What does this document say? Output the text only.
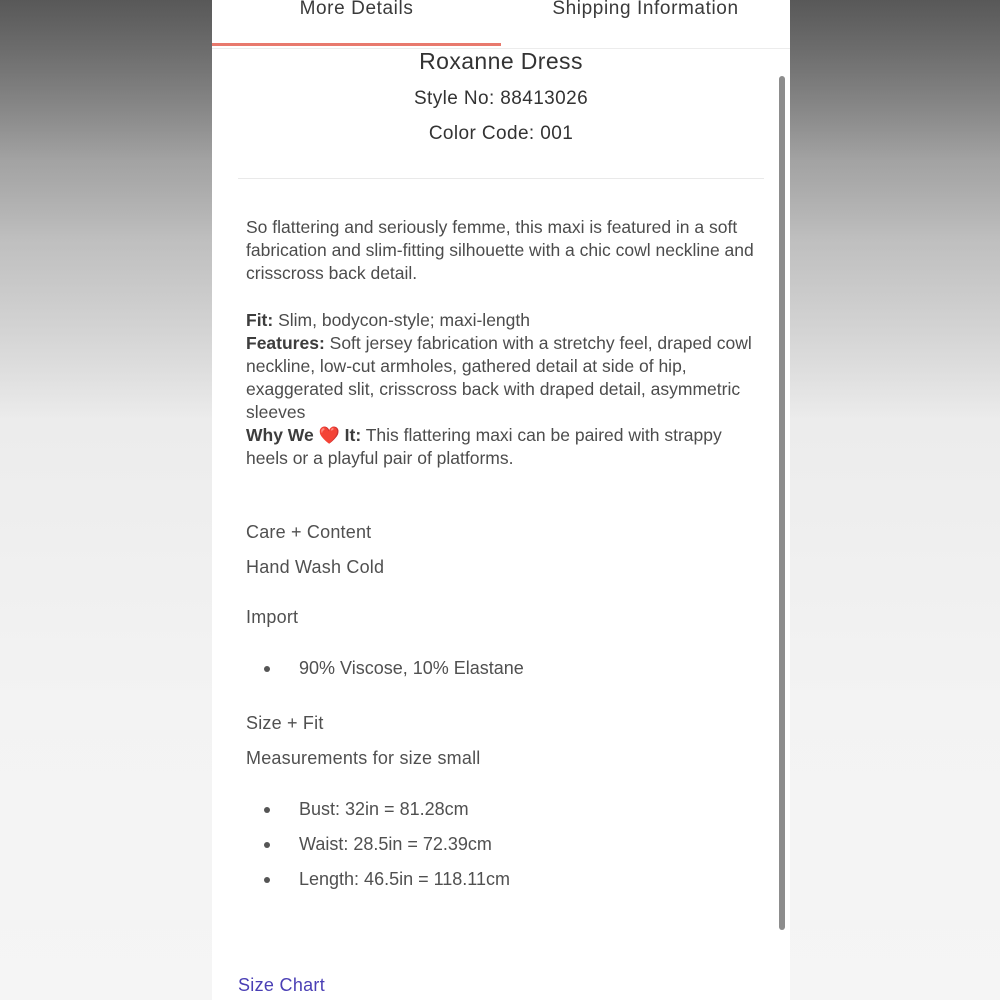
More Details	Shipping Information
Roxanne Dress
Style No: 88413026
Color Code: 001

So flattering and seriously femme, this maxi is featured in a soft fabrication and slim-fitting silhouette with a chic cowl neckline and crisscross back detail.

Fit: Slim, bodycon-style; maxi-length
Features: Soft jersey fabrication with a stretchy feel, draped cowl neckline, low-cut armholes, gathered detail at side of hip, exaggerated slit, crisscross back with draped detail, asymmetric sleeves
Why We ❤️ It: This flattering maxi can be paired with strappy heels or a playful pair of platforms.

Care + Content
Hand Wash Cold
Import
90% Viscose, 10% Elastane
Size + Fit
Measurements for size small
Bust: 32in = 81.28cm
Waist: 28.5in = 72.39cm
Length: 46.5in = 118.11cm
Size Chart
